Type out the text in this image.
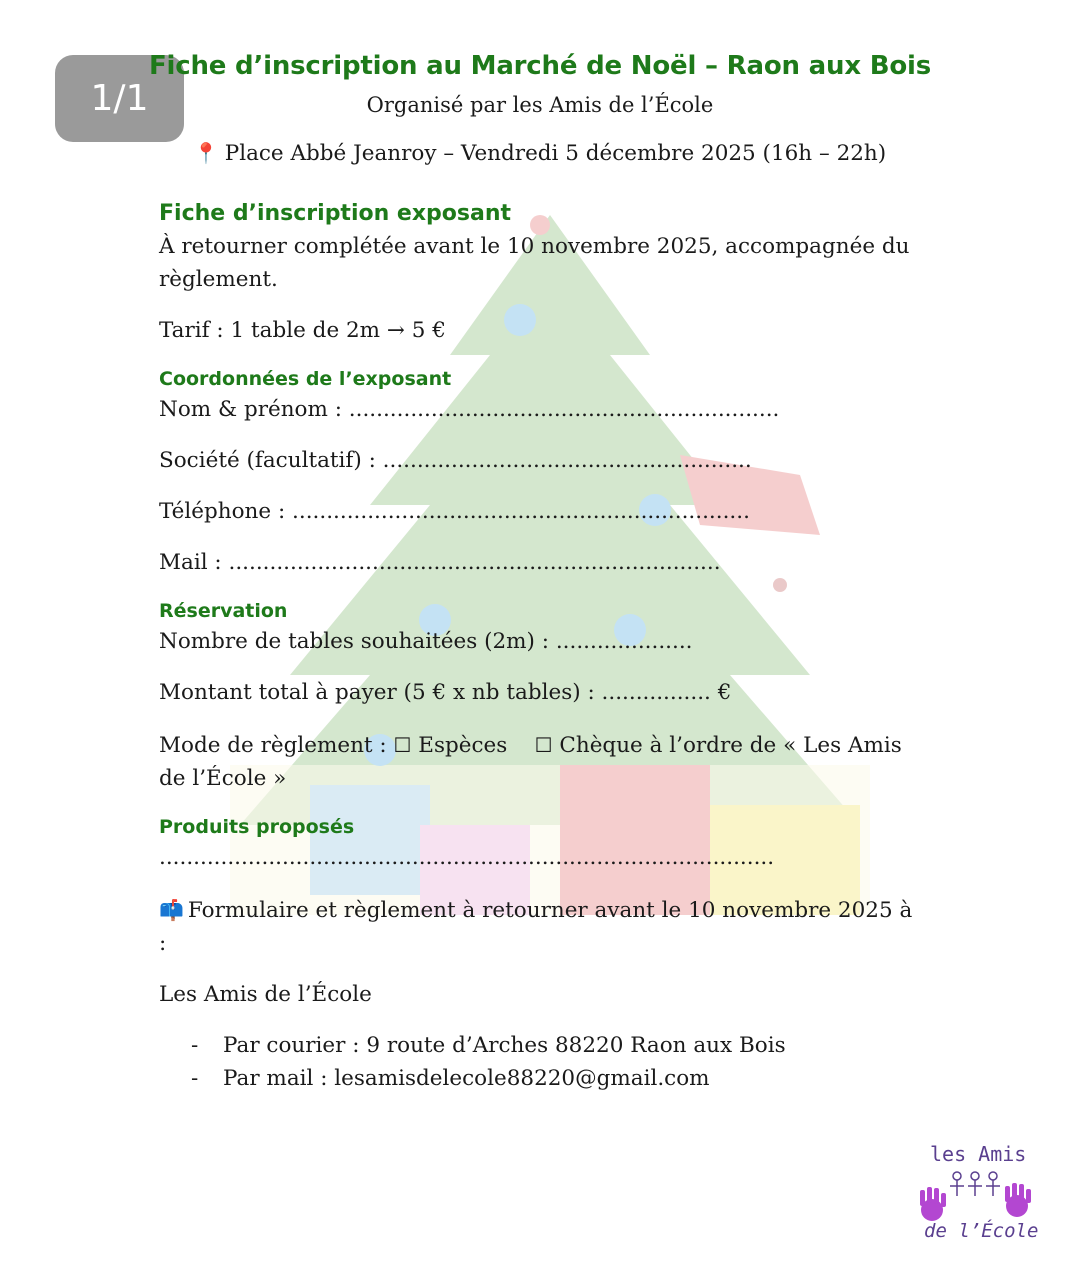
1/1
Fiche d’inscription au Marché de Noël – Raon aux Bois
Organisé par les Amis de l’École
📍 Place Abbé Jeanroy – Vendredi 5 décembre 2025 (16h – 22h)
Fiche d’inscription exposant

À retourner complétée avant le 10 novembre 2025, accompagnée du règlement.

Tarif : 1 table de 2m → 5 €

Coordonnées de l’exposant

Nom & prénom : ...............................................................

Société (facultatif) : ......................................................

Téléphone : ...................................................................

Mail : ........................................................................

Réservation

Nombre de tables souhaitées (2m) : ....................

Montant total à payer (5 € x nb tables) : ................ €

Mode de règlement : ☐ Espèces ☐ Chèque à l’ordre de « Les Amis de l’École »

Produits proposés

..........................................................................................

📫 Formulaire et règlement à retourner avant le 10 novembre 2025 à :

Les Amis de l’École

- Par courier : 9 route d’Arches 88220 Raon aux Bois
- Par mail : lesamisdelecole88220@gmail.com
les Amis
de l’École
